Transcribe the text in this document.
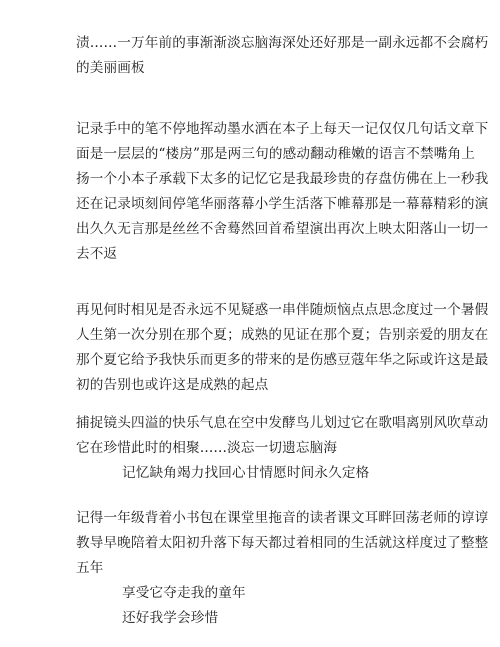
渍……一万年前的事渐渐淡忘脑海深处还好那是一副永远都不会腐朽
的美丽画板
记录手中的笔不停地挥动墨水洒在本子上每天一记仅仅几句话文章下
面是一层层的“楼房”那是两三句的感动翻动稚嫩的语言不禁嘴角上
扬一个小本子承载下太多的记忆它是我最珍贵的存盘仿佛在上一秒我
还在记录顷刻间停笔华丽落幕小学生活落下帷幕那是一幕幕精彩的演
出久久无言那是丝丝不舍蓦然回首希望演出再次上映太阳落山一切一
去不返
再见何时相见是否永远不见疑惑一串伴随烦恼点点思念度过一个暑假
人生第一次分别在那个夏；成熟的见证在那个夏；告别亲爱的朋友在
那个夏它给予我快乐而更多的带来的是伤感豆蔻年华之际或许这是最
初的告别也或许这是成熟的起点
捕捉镜头四溢的快乐气息在空中发酵鸟儿划过它在歌唱离别风吹草动
它在珍惜此时的相聚……淡忘一切遗忘脑海
记忆缺角竭力找回心甘情愿时间永久定格
记得一年级背着小书包在课堂里拖音的读者课文耳畔回荡老师的谆谆
教导早晚陪着太阳初升落下每天都过着相同的生活就这样度过了整整
五年
享受它夺走我的童年
还好我学会珍惜
